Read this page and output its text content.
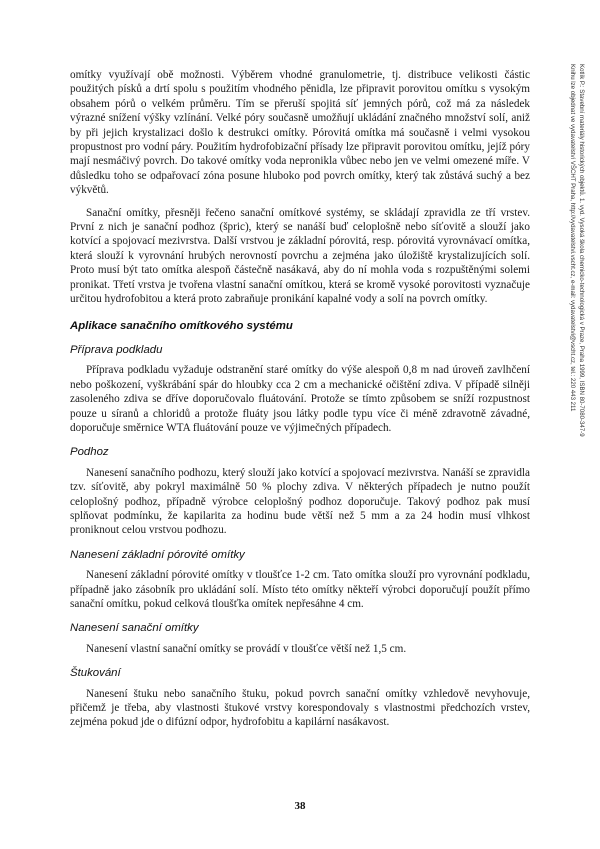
omítky využívají obě možnosti. Výběrem vhodné granulometrie, tj. distribuce velikosti částic použitých písků a drtí spolu s použitím vhodného pěnidla, lze připravit porovitou omítku s vysokým obsahem pórů o velkém průměru. Tím se přeruší spojitá síť jemných pórů, což má za následek výrazné snížení výšky vzlínání. Velké póry současně umožňují ukládání značného množství solí, aniž by při jejich krystalizaci došlo k destrukci omítky. Pórovitá omítka má současně i velmi vysokou propustnost pro vodní páry. Použitím hydrofobizační přísady lze připravit porovitou omítku, jejíž póry mají nesmáčivý povrch. Do takové omítky voda nepronikla vůbec nebo jen ve velmi omezené míře. V důsledku toho se odpařovací zóna posune hluboko pod povrch omítky, který tak zůstává suchý a bez výkvětů.

Sanační omítky, přesněji řečeno sanační omítkové systémy, se skládají zpravidla ze tří vrstev. První z nich je sanační podhoz (špric), který se nanáší buď celoplošně nebo síťovitě a slouží jako kotvící a spojovací mezivrstva. Další vrstvou je základní pórovitá, resp. pórovitá vyrovnávací omítka, která slouží k vyrovnání hrubých nerovností povrchu a zejména jako úložiště krystalizujících solí. Proto musí být tato omítka alespoň částečně nasákavá, aby do ní mohla voda s rozpuštěnými solemi pronikat. Třetí vrstva je tvořena vlastní sanační omítkou, která se kromě vysoké porovitosti vyznačuje určitou hydrofobitou a která proto zabraňuje pronikání kapalné vody a solí na povrch omítky.

Aplikace sanačního omítkového systému
Příprava podkladu

Příprava podkladu vyžaduje odstranění staré omítky do výše alespoň 0,8 m nad úroveň zavlhčení nebo poškození, vyškrábání spár do hloubky cca 2 cm a mechanické očištění zdiva. V případě silněji zasoleného zdiva se dříve doporučovalo fluátování. Protože se tímto způsobem se sníží rozpustnost pouze u síranů a chloridů a protože fluáty jsou látky podle typu více či méně zdravotně závadné, doporučuje směrnice WTA fluátování pouze ve výjimečných případech.

Podhoz

Nanesení sanačního podhozu, který slouží jako kotvící a spojovací mezivrstva. Nanáší se zpravidla tzv. síťovitě, aby pokryl maximálně 50 % plochy zdiva. V některých případech je nutno použít celoplošný podhoz, případně výrobce celoplošný podhoz doporučuje. Takový podhoz pak musí splňovat podmínku, že kapilarita za hodinu bude větší než 5 mm a za 24 hodin musí vlhkost proniknout celou vrstvou podhozu.

Nanesení základní pórovité omítky

Nanesení základní pórovité omítky v tloušťce 1-2 cm. Tato omítka slouží pro vyrovnání podkladu, případně jako zásobník pro ukládání solí. Místo této omítky někteří výrobci doporučují použít přímo sanační omítku, pokud celková tloušťka omítek nepřesáhne 4 cm.

Nanesení sanační omítky

Nanesení vlastní sanační omítky se provádí v tloušťce větší než 1,5 cm.

Štukování

Nanesení štuku nebo sanačního štuku, pokud povrch sanační omítky vzhledově nevyhovuje, přičemž je třeba, aby vlastnosti štukové vrstvy korespondovaly s vlastnostmi předchozích vrstev, zejména pokud jde o difúzní odpor, hydrofobitu a kapilární nasákavost.

Kotlík P.: Stavební materiály historických objektů. 1. vyd. Vysoká škola chemicko-technologická v Praze, Praha 1999, ISBN 80-7080-347-9
Knihu lze objednat ve vydavatelství VŠCHT Praha, http://vydavatelstvi.vscht.cz, e-mail: vydavatelstvi@vscht.cz, tel.: 220 443 211
38
